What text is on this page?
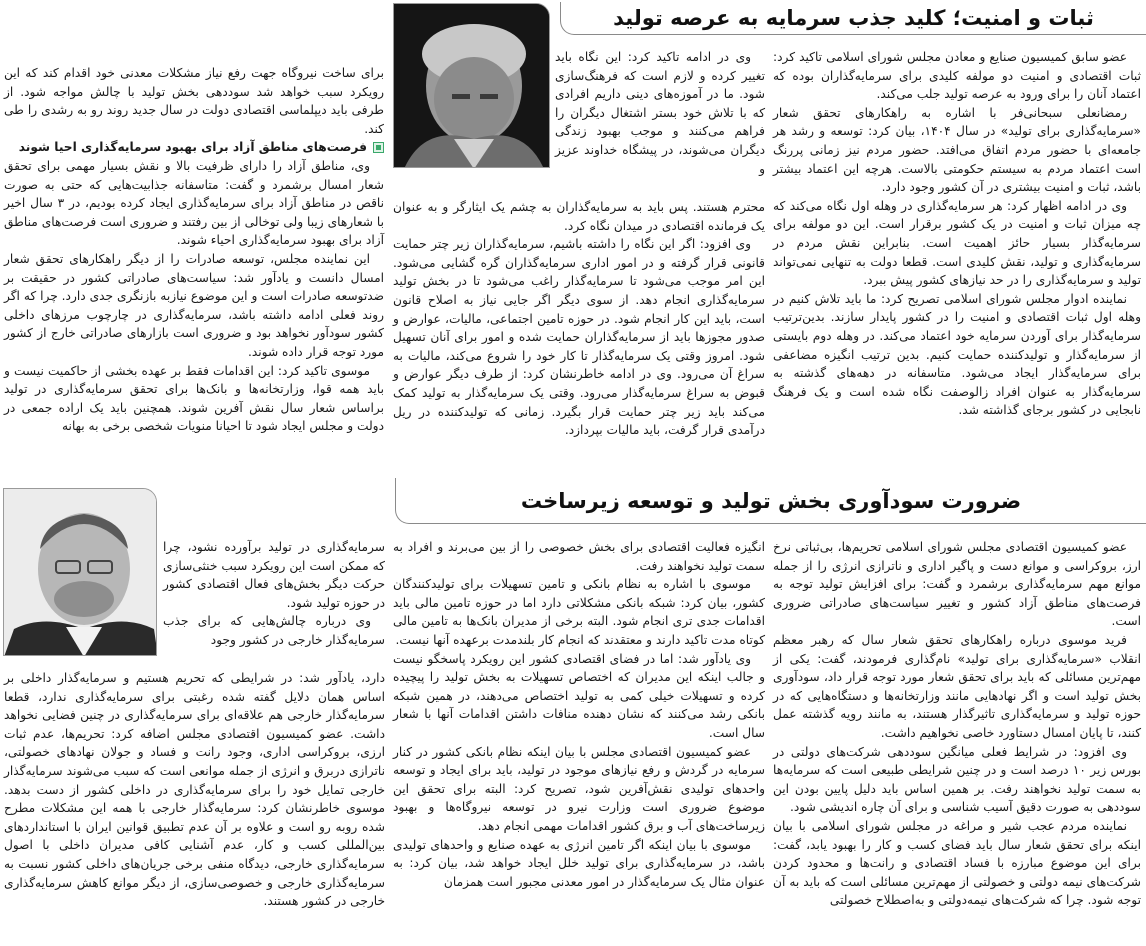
ثبات و امنیت؛ کلید جذب سرمایه به عرصه تولید

عضو سابق کمیسیون صنایع و معادن مجلس شورای اسلامی تاکید کرد: ثبات اقتصادی و امنیت دو مولفه کلیدی برای سرمایه‌گذاران بوده که اعتماد آنان را برای ورود به عرصه تولید جلب می‌کند.

رمضانعلی سبحانی‌فر با اشاره به راهکارهای تحقق شعار «سرمایه‌گذاری برای تولید» در سال ۱۴۰۴، بیان کرد: توسعه و رشد هر جامعه‌ای با حضور مردم اتفاق می‌افتد. حضور مردم نیز زمانی پررنگ است اعتماد مردم به سیستم حکومتی بالاست. هرچه این اعتماد بیشتر باشد، ثبات و امنیت بیشتری در آن کشور وجود دارد.

وی در ادامه اظهار کرد: هر سرمایه‌گذاری در وهله اول نگاه می‌کند که چه میزان ثبات و امنیت در یک کشور برقرار است. این دو مولفه برای سرمایه‌گذار بسیار حائز اهمیت است. بنابراین نقش مردم در سرمایه‌گذاری و تولید، نقش کلیدی است. قطعا دولت به تنهایی نمی‌تواند تولید و سرمایه‌گذاری را در حد نیازهای کشور پیش ببرد.

نماینده ادوار مجلس شورای اسلامی تصریح کرد: ما باید تلاش کنیم در وهله اول ثبات اقتصادی و امنیت را در کشور پایدار سازند. بدین‌ترتیب سرمایه‌گذار برای آوردن سرمایه خود اعتماد می‌کند. در وهله دوم بایستی از سرمایه‌گذار و تولیدکننده حمایت کنیم. بدین ترتیب انگیزه مضاعفی برای سرمایه‌گذار ایجاد می‌شود. متاسفانه در دهه‌های گذشته به سرمایه‌گذار به عنوان افراد زالوصفت نگاه شده است و یک فرهنگ نابجایی در کشور برجای گذاشته شد.

وی در ادامه تاکید کرد: این نگاه باید تغییر کرده و لازم است که فرهنگ‌سازی شود. ما در آموزه‌های دینی داریم افرادی که با تلاش خود بستر اشتغال دیگران را فراهم می‌کنند و موجب بهبود زندگی دیگران می‌شوند، در پیشگاه خداوند عزیز و

محترم هستند. پس باید به سرمایه‌گذاران به چشم یک ایثارگر و به عنوان یک فرمانده اقتصادی در میدان نگاه کرد.

وی افزود: اگر این نگاه را داشته باشیم، سرمایه‌گذاران زیر چتر حمایت قانونی قرار گرفته و در امور اداری سرمایه‌گذاران گره گشایی می‌شود. این امر موجب می‌شود تا سرمایه‌گذار راغب می‌شود تا در بخش تولید سرمایه‌گذاری انجام دهد. از سوی دیگر اگر جایی نیاز به اصلاح قانون است، باید این کار انجام شود. در حوزه تامین اجتماعی، مالیات، عوارض و صدور مجوزها باید از سرمایه‌گذاران حمایت شده و امور برای آنان تسهیل شود. امروز وقتی یک سرمایه‌گذار تا کار خود را شروع می‌کند، مالیات به سراغ آن می‌رود. وی در ادامه خاطرنشان کرد: از طرف دیگر عوارض و قبوض به سراغ سرمایه‌گذار می‌رود. وقتی یک سرمایه‌گذار به تولید کمک می‌کند باید زیر چتر حمایت قرار بگیرد. زمانی که تولیدکننده در ریل درآمدی قرار گرفت، باید مالیات بپردازد.

برای ساخت نیروگاه جهت رفع نیاز مشکلات معدنی خود اقدام کند که این رویکرد سبب خواهد شد سوددهی بخش تولید با چالش مواجه شود. از طرفی باید دیپلماسی اقتصادی دولت در سال جدید روند رو به رشدی را طی کند.

فرصت‌های مناطق آزاد برای بهبود سرمایه‌گذاری احیا شوند

وی، مناطق آزاد را دارای ظرفیت بالا و نقش بسیار مهمی برای تحقق شعار امسال برشمرد و گفت: متاسفانه جذابیت‌هایی که حتی به صورت ناقص در مناطق آزاد برای سرمایه‌گذاری ایجاد کرده بودیم، در ۳ سال اخیر با شعارهای زیبا ولی توخالی از بین رفتند و ضروری است فرصت‌های مناطق آزاد برای بهبود سرمایه‌گذاری احیاء شوند.

این نماینده مجلس، توسعه صادرات را از دیگر راهکارهای تحقق شعار امسال دانست و یادآور شد: سیاست‌های صادراتی کشور در حقیقت بر ضدتوسعه صادرات است و این موضوع نیازبه بازنگری جدی دارد. چرا که اگر روند فعلی ادامه داشته باشد، سرمایه‌گذاری در چارچوب مرزهای داخلی کشور سودآور نخواهد بود و ضروری است بازارهای صادراتی خارج از کشور مورد توجه قرار داده شوند.

موسوی تاکید کرد: این اقدامات فقط بر عهده بخشی از حاکمیت نیست و باید همه قوا، وزارتخانه‌ها و بانک‌ها برای تحقق سرمایه‌گذاری در تولید براساس شعار سال نقش آفرین شوند. همچنین باید یک اراده جمعی در دولت و مجلس ایجاد شود تا احیانا منویات شخصی برخی به بهانه

ضرورت سودآوری بخش تولید و توسعه زیرساخت

عضو کمیسیون اقتصادی مجلس شورای اسلامی تحریم‌ها، بی‌ثباتی نرخ ارز، بروکراسی و موانع دست و پاگیر اداری و ناترازی انرژی را از جمله موانع مهم سرمایه‌گذاری برشمرد و گفت: برای افزایش تولید توجه به فرصت‌های مناطق آزاد کشور و تغییر سیاست‌های صادراتی ضروری است.

فرید موسوی درباره راهکارهای تحقق شعار سال که رهبر معظم انقلاب «سرمایه‌گذاری برای تولید» نام‌گذاری فرمودند، گفت: یکی از مهم‌ترین مسائلی که باید برای تحقق شعار مورد توجه قرار داد، سودآوری بخش تولید است و اگر نهادهایی مانند وزارتخانه‌ها و دستگاه‌هایی که در حوزه تولید و سرمایه‌گذاری تاثیرگذار هستند، به مانند رویه گذشته عمل کنند، تا پایان امسال دستاورد خاصی نخواهیم داشت.

وی افزود: در شرایط فعلی میانگین سوددهی شرکت‌های دولتی در بورس زیر ۱۰ درصد است و در چنین شرایطی طبیعی است که سرمایه‌ها به سمت تولید نخواهند رفت. بر همین اساس باید دلیل پایین بودن این سوددهی به صورت دقیق آسیب شناسی و برای آن چاره اندیشی شود.

نماینده مردم عجب شیر و مراغه در مجلس شورای اسلامی با بیان اینکه برای تحقق شعار سال باید فضای کسب و کار را بهبود یابد، گفت: برای این موضوع مبارزه با فساد اقتصادی و رانت‌ها و محدود کردن شرکت‌های نیمه دولتی و خصولتی از مهم‌ترین مسائلی است که باید به آن توجه شود. چرا که شرکت‌های نیمه‌دولتی و به‌اصطلاح خصولتی

انگیزه فعالیت اقتصادی برای بخش خصوصی را از بین می‌برند و افراد به سمت تولید نخواهند رفت.

موسوی با اشاره به نظام بانکی و تامین تسهیلات برای تولیدکنندگان کشور، بیان کرد: شبکه بانکی مشکلاتی دارد اما در حوزه تامین مالی باید اقدامات جدی تری انجام شود. البته برخی از مدیران بانک‌ها به تامین مالی کوتاه مدت تاکید دارند و معتقدند که انجام کار بلندمدت برعهده آنها نیست.

وی یادآور شد: اما در فضای اقتصادی کشور این رویکرد پاسخگو نیست و جالب اینکه این مدیران که اختصاص تسهیلات به بخش تولید را پیچیده کرده و تسهیلات خیلی کمی به تولید اختصاص می‌دهند، در همین شبکه بانکی رشد می‌کنند که نشان دهنده منافات داشتن اقدامات آنها با شعار سال است.

عضو کمیسیون اقتصادی مجلس با بیان اینکه نظام بانکی کشور در کنار سرمایه در گردش و رفع نیازهای موجود در تولید، باید برای ایجاد و توسعه واحدهای تولیدی نقش‌آفرین شود، تصریح کرد: البته برای تحقق این موضوع ضروری است وزارت نیرو در توسعه نیروگاه‌ها و بهبود زیرساخت‌های آب و برق کشور اقدامات مهمی انجام دهد.

موسوی با بیان اینکه اگر تامین انرژی به عهده صنایع و واحدهای تولیدی باشد، در سرمایه‌گذاری برای تولید خلل ایجاد خواهد شد، بیان کرد: به عنوان مثال یک سرمایه‌گذار در امور معدنی مجبور است همزمان

سرمایه‌گذاری در تولید برآورده نشود، چرا که ممکن است این رویکرد سبب خنثی‌سازی حرکت دیگر بخش‌های فعال اقتصادی کشور در حوزه تولید شود.

وی درباره چالش‌هایی که برای جذب سرمایه‌گذار خارجی در کشور وجود

دارد، یادآور شد: در شرایطی که تحریم هستیم و سرمایه‌گذار داخلی بر اساس همان دلایل گفته شده رغبتی برای سرمایه‌گذاری ندارد، قطعا سرمایه‌گذار خارجی هم علاقه‌ای برای سرمایه‌گذاری در چنین فضایی نخواهد داشت. عضو کمیسیون اقتصادی مجلس اضافه کرد: تحریم‌ها، عدم ثبات ارزی، بروکراسی اداری، وجود رانت و فساد و جولان نهادهای خصولتی، ناترازی دربرق و انرژی از جمله موانعی است که سبب می‌شوند سرمایه‌گذار خارجی تمایل خود را برای سرمایه‌گذاری در داخلی کشور از دست بدهد. موسوی خاطرنشان کرد: سرمایه‌گذار خارجی با همه این مشکلات مطرح شده روبه رو است و علاوه بر آن عدم تطبیق قوانین ایران با استانداردهای بین‌المللی کسب و کار، عدم آشنایی کافی مدیران داخلی با اصول سرمایه‌گذاری خارجی، دیدگاه منفی برخی جریان‌های داخلی کشور نسبت به سرمایه‌گذاری خارجی و خصوصی‌سازی، از دیگر موانع کاهش سرمایه‌گذاری خارجی در کشور هستند.
